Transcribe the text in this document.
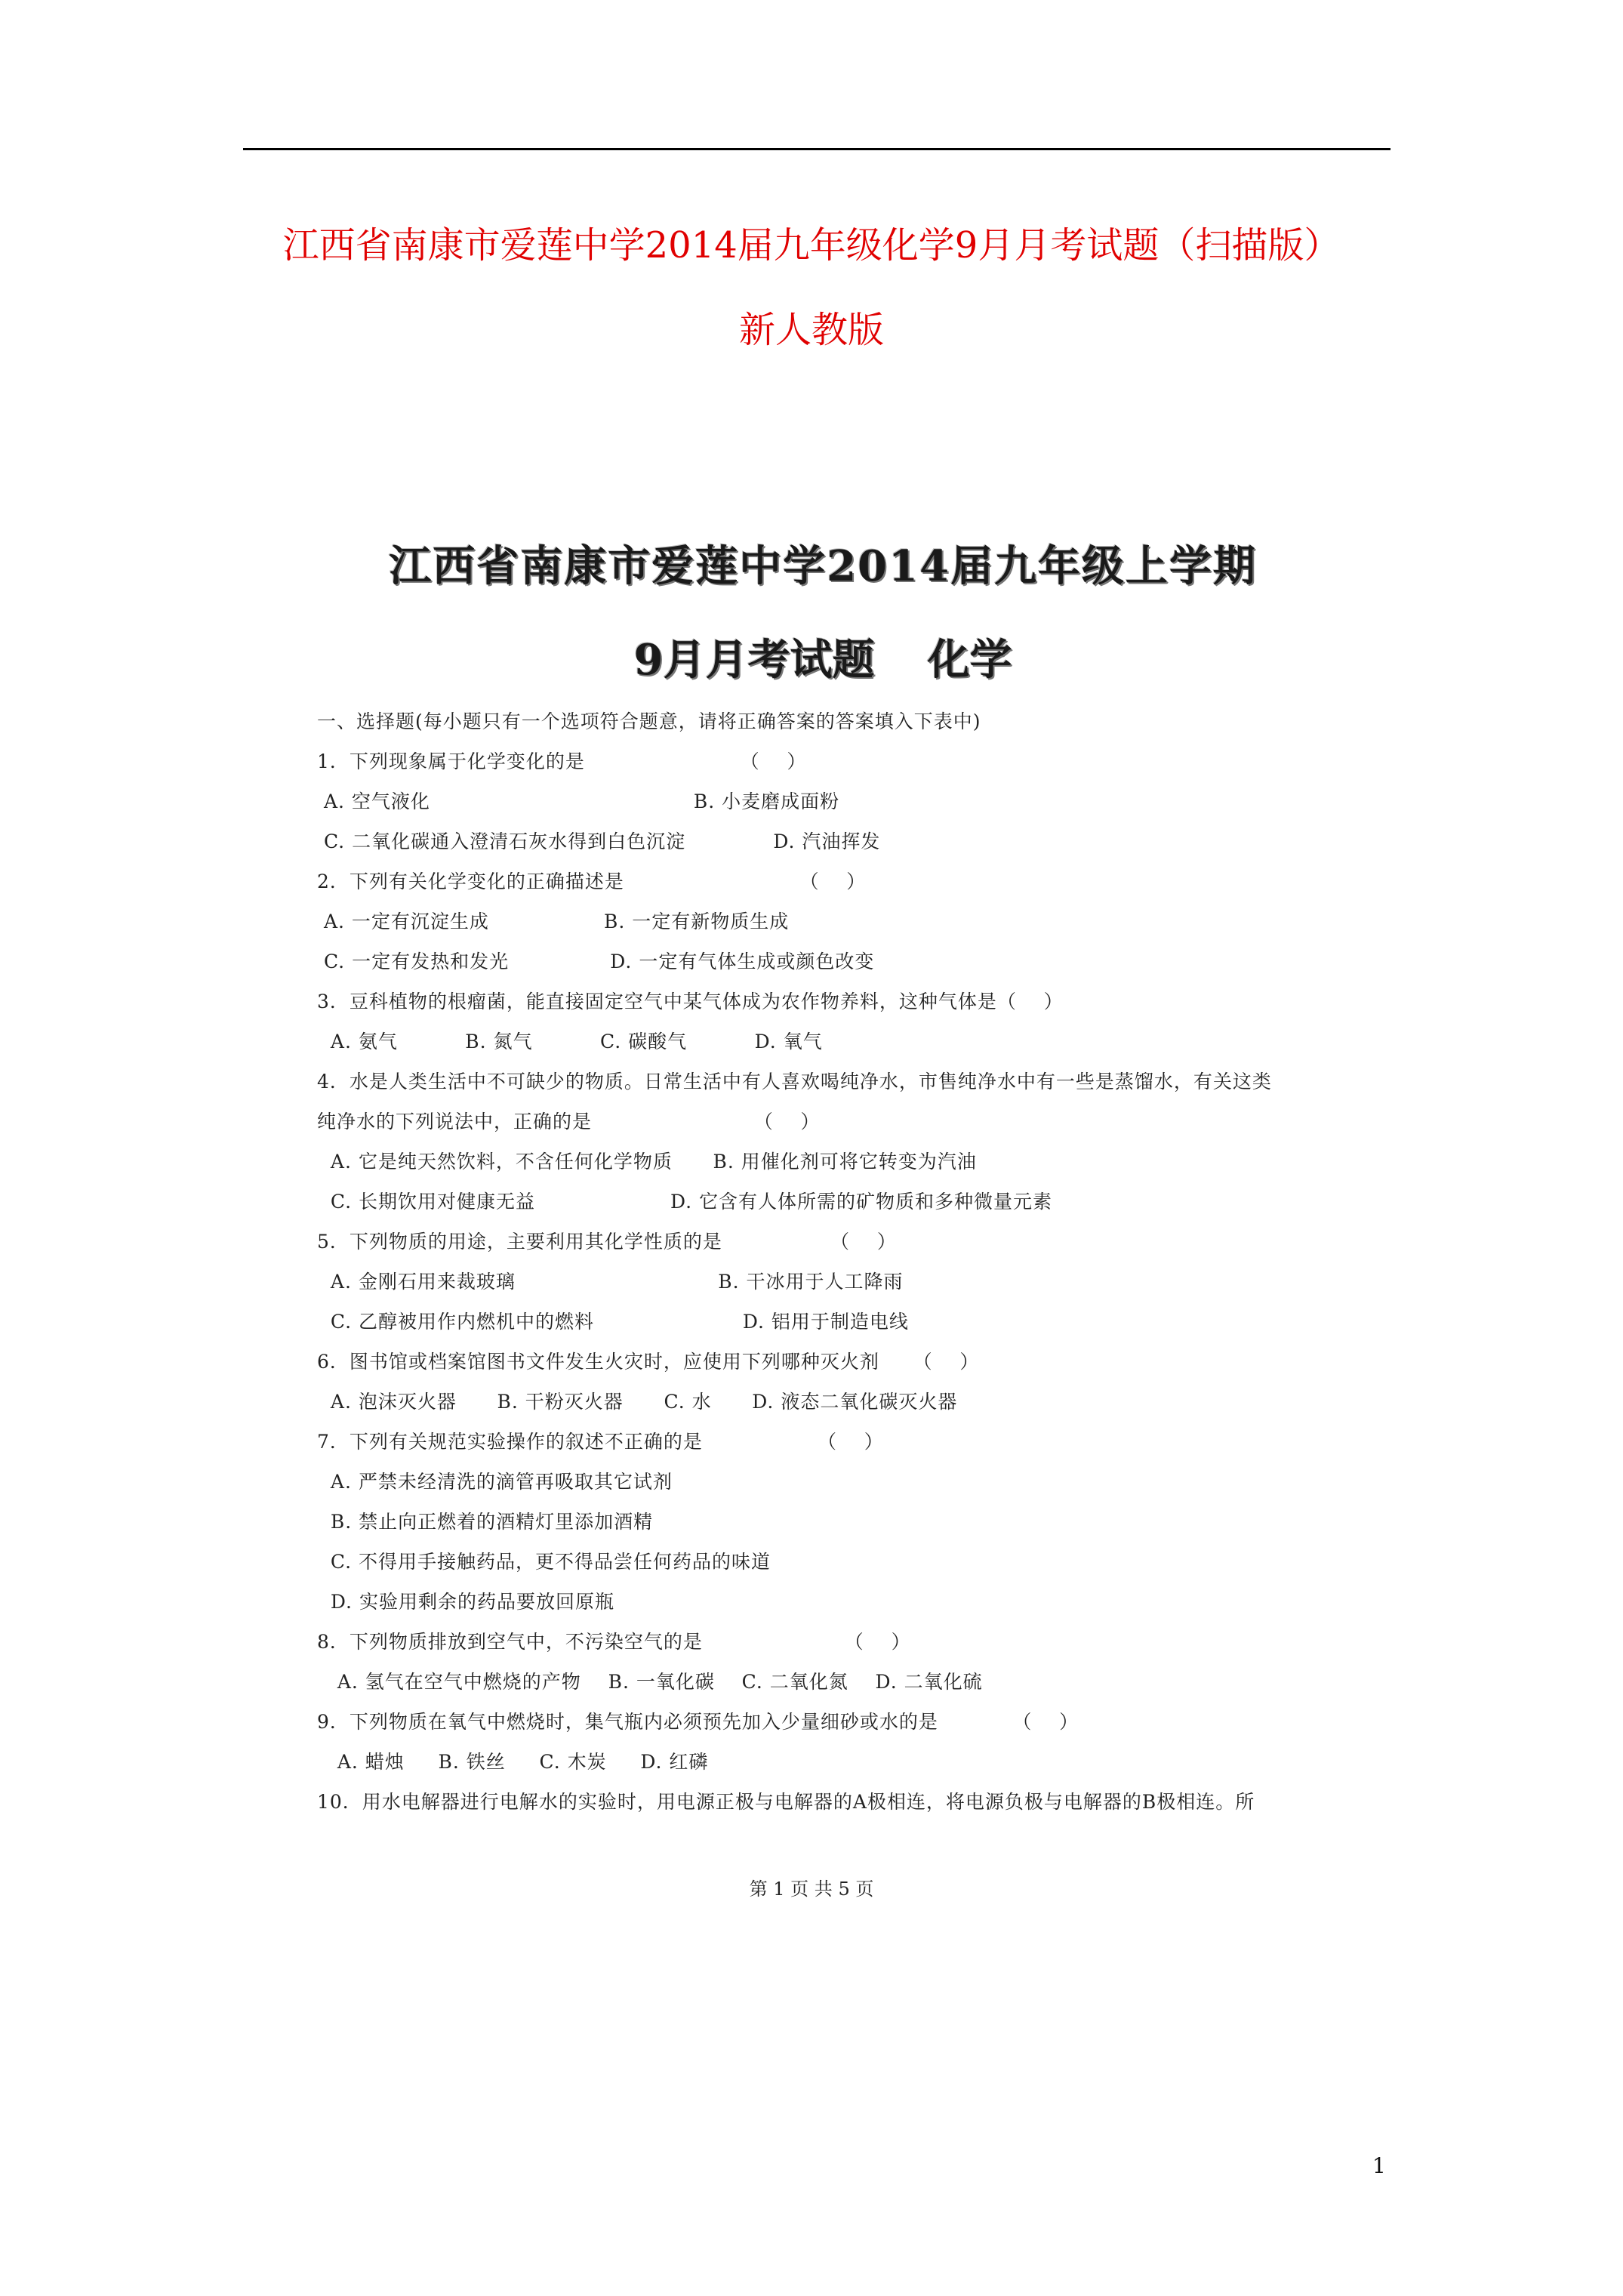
江西省南康市爱莲中学2014届九年级化学9月月考试题（扫描版）
新人教版
江西省南康市爱莲中学2014届九年级上学期
9月月考试题 化学
一、选择题(每小题只有一个选项符合题意，请将正确答案的答案填入下表中)
1．下列现象属于化学变化的是                       （    ）
A. 空气液化                                       B. 小麦磨成面粉
C. 二氧化碳通入澄清石灰水得到白色沉淀             D. 汽油挥发
2．下列有关化学变化的正确描述是                          （    ）
A. 一定有沉淀生成                 B. 一定有新物质生成
C. 一定有发热和发光               D. 一定有气体生成或颜色改变
3．豆科植物的根瘤菌，能直接固定空气中某气体成为农作物养料，这种气体是（    ）
A. 氨气          B. 氮气          C. 碳酸气          D. 氧气
4．水是人类生活中不可缺少的物质。日常生活中有人喜欢喝纯净水，市售纯净水中有一些是蒸馏水，有关这类
纯净水的下列说法中，正确的是                        （    ）
A. 它是纯天然饮料，不含任何化学物质      B. 用催化剂可将它转变为汽油
C. 长期饮用对健康无益                    D. 它含有人体所需的矿物质和多种微量元素
5．下列物质的用途，主要利用其化学性质的是                （    ）
A. 金刚石用来裁玻璃                              B. 干冰用于人工降雨
C. 乙醇被用作内燃机中的燃料                      D. 铝用于制造电线
6．图书馆或档案馆图书文件发生火灾时，应使用下列哪种灭火剂     （    ）
A. 泡沫灭火器      B. 干粉灭火器      C. 水      D. 液态二氧化碳灭火器
7．下列有关规范实验操作的叙述不正确的是                 （    ）
A. 严禁未经清洗的滴管再吸取其它试剂
B. 禁止向正燃着的酒精灯里添加酒精
C. 不得用手接触药品，更不得品尝任何药品的味道
D. 实验用剩余的药品要放回原瓶
8．下列物质排放到空气中，不污染空气的是                     （    ）
A. 氢气在空气中燃烧的产物    B. 一氧化碳    C. 二氧化氮    D. 二氧化硫
9．下列物质在氧气中燃烧时，集气瓶内必须预先加入少量细砂或水的是           （    ）
A. 蜡烛     B. 铁丝     C. 木炭     D. 红磷
10．用水电解器进行电解水的实验时，用电源正极与电解器的A极相连，将电源负极与电解器的B极相连。所
第 1 页 共 5 页
1
